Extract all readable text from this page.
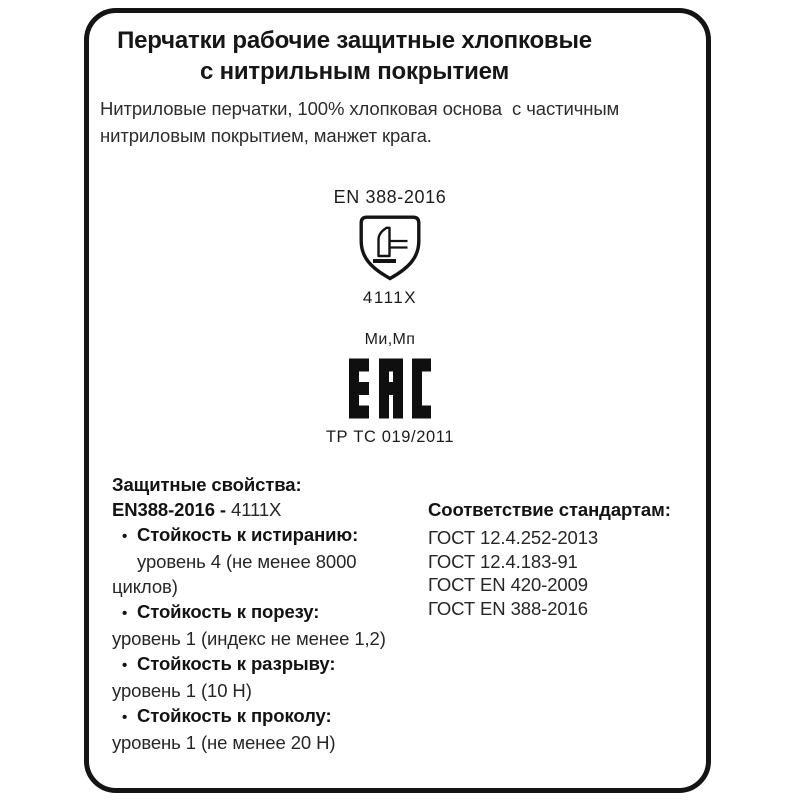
Перчатки рабочие защитные хлопковые
с нитрильным покрытием
Нитриловые перчатки, 100% хлопковая основа  с частичным
нитриловым покрытием, манжет крага.
EN 388-2016
4111X
Ми,Мп
ТР ТС 019/2011
Защитные свойства:
EN388-2016 - 4111X
• Стойкость к истиранию:
уровень 4 (не менее 8000
циклов)
• Стойкость к порезу:
уровень 1 (индекс не менее 1,2)
• Стойкость к разрыву:
уровень 1 (10 Н)
• Стойкость к проколу:
уровень 1 (не менее 20 Н)
Соответствие стандартам:
ГОСТ 12.4.252-2013
ГОСТ 12.4.183-91
ГОСТ EN 420-2009
ГОСТ EN 388-2016
